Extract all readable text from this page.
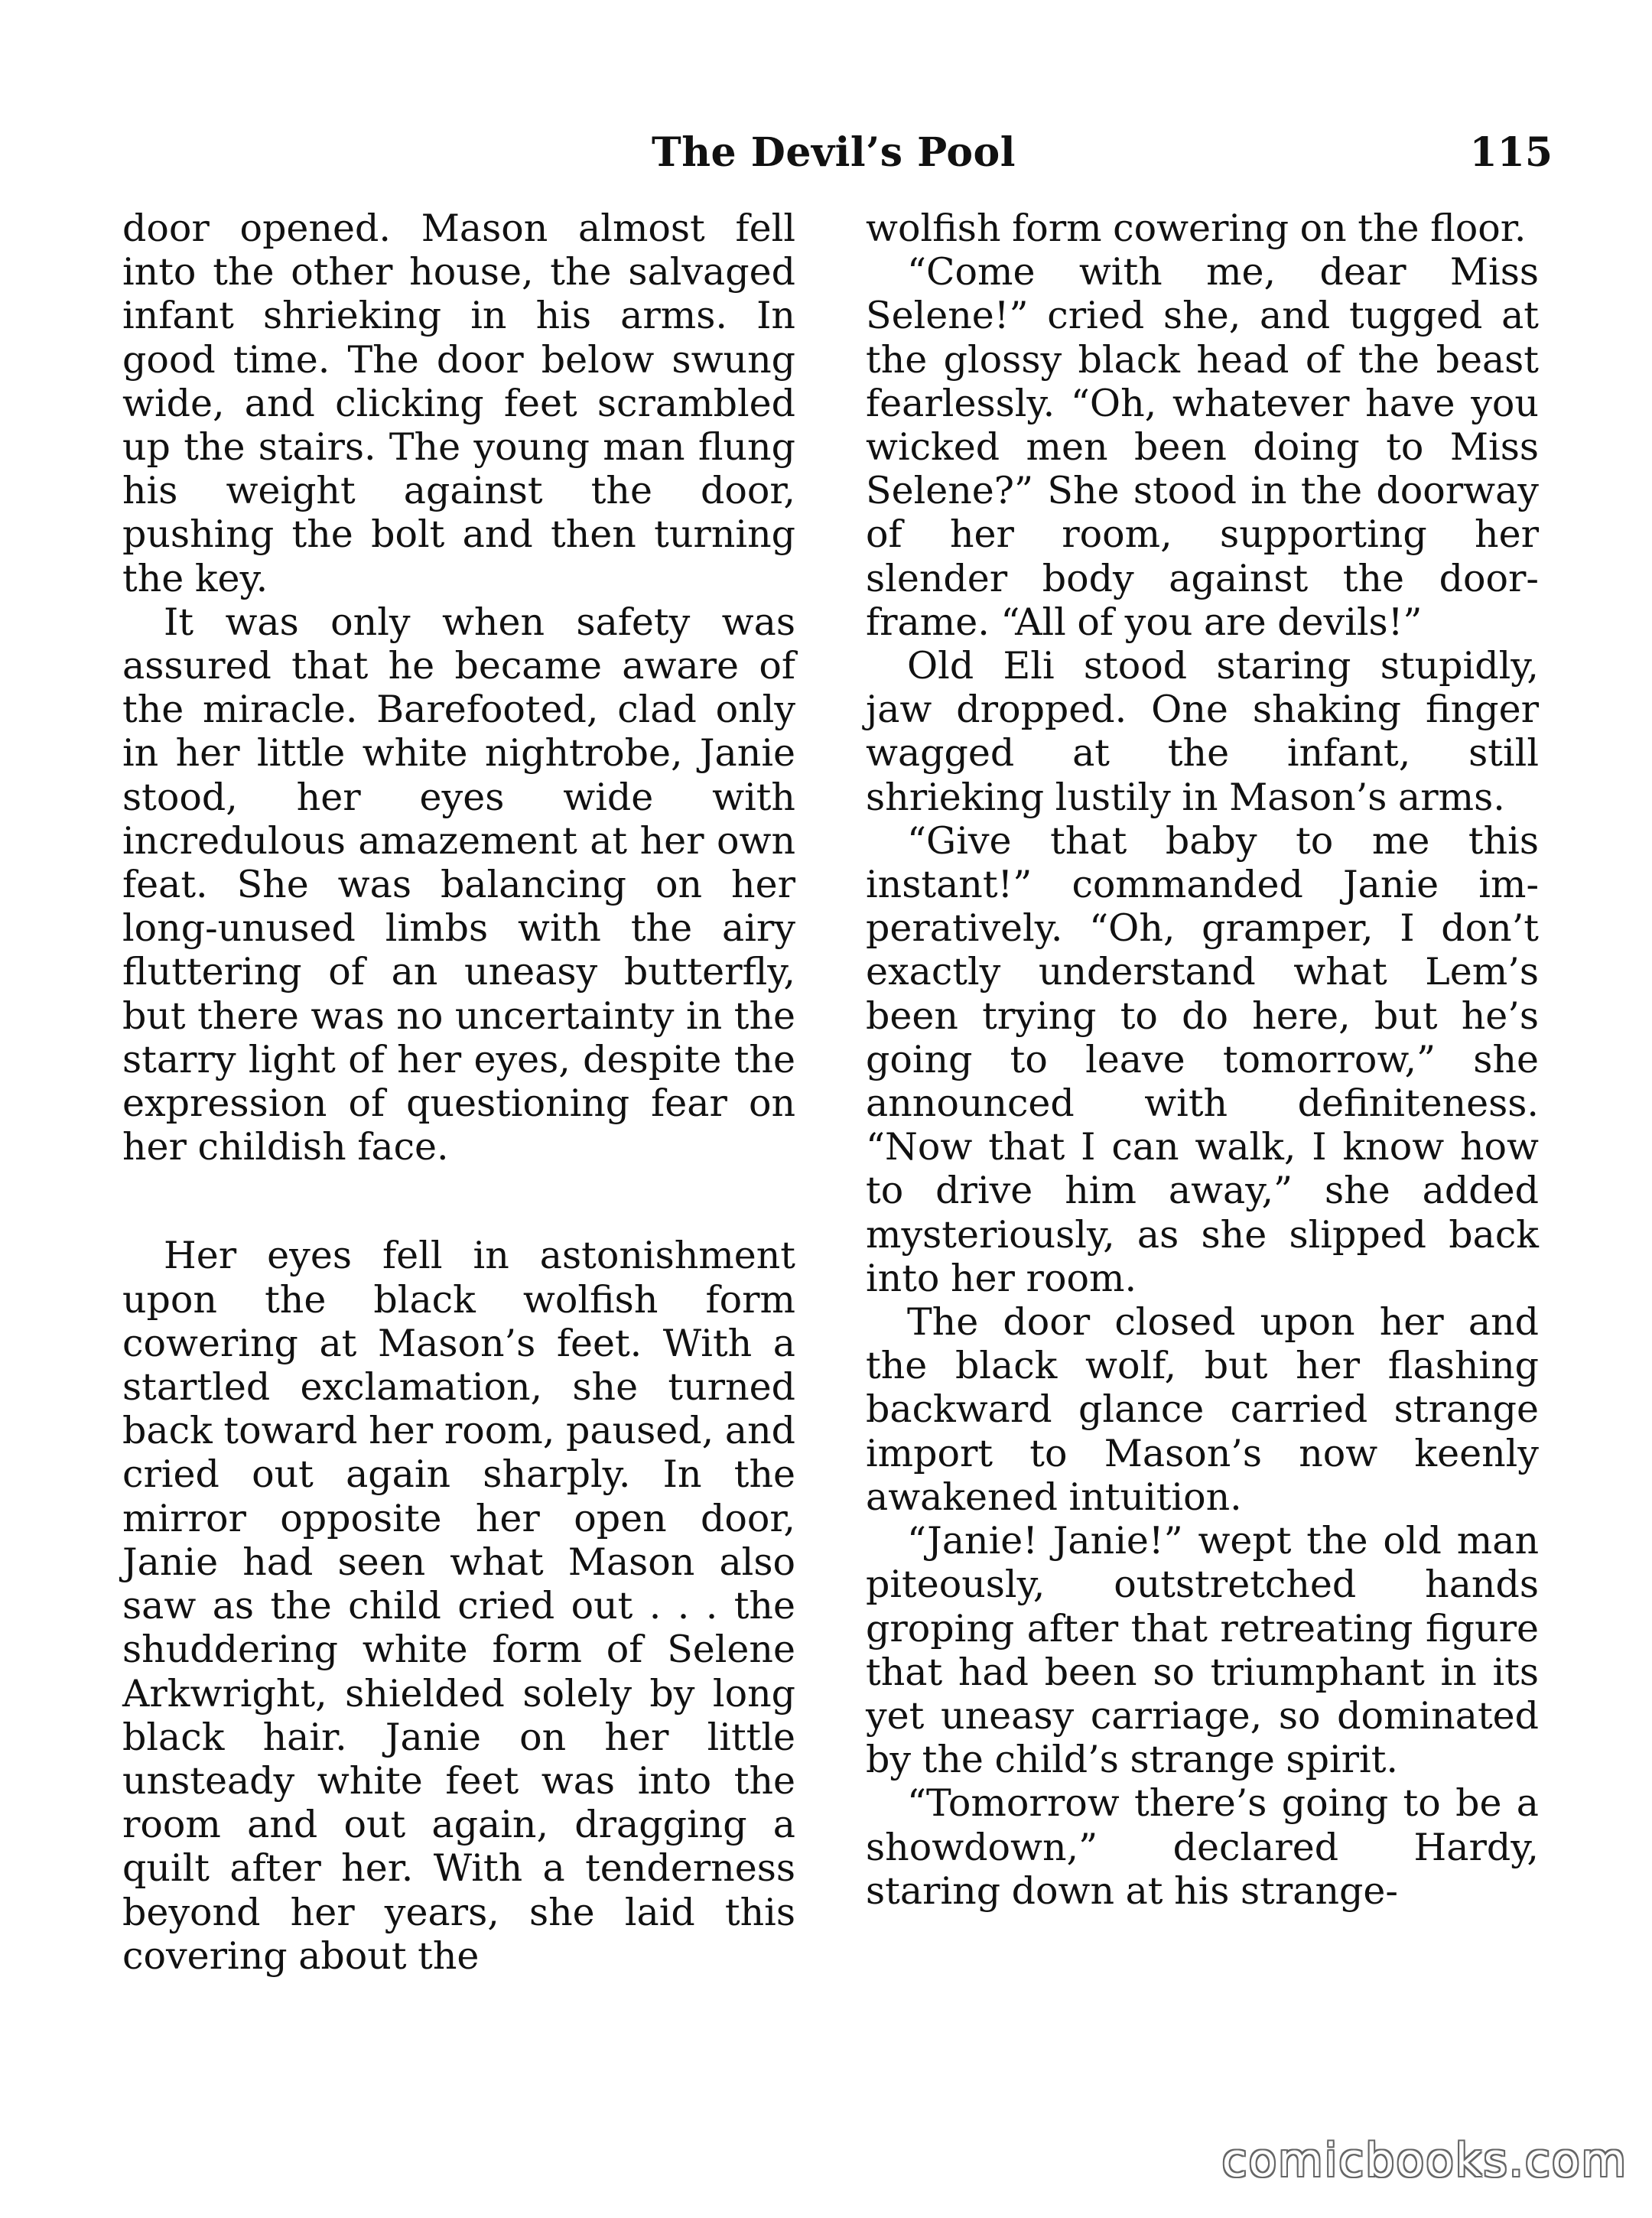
The Devil’s Pool	115

door opened. Mason almost fell into the other house, the salvaged infant shrieking in his arms. In good time. The door below swung wide, and clicking feet scrambled up the stairs. The young man flung his weight against the door, pushing the bolt and then turning the key.

It was only when safety was assured that he became aware of the miracle. Barefooted, clad only in her little white nightrobe, Janie stood, her eyes wide with incredulous amazement at her own feat. She was balancing on her long-unused limbs with the airy fluttering of an uneasy butterfly, but there was no uncertainty in the starry light of her eyes, despite the expression of questioning fear on her childish face.

Her eyes fell in astonishment upon the black wolfish form cowering at Mason’s feet. With a startled exclamation, she turned back toward her room, paused, and cried out again sharply. In the mirror opposite her open door, Janie had seen what Mason also saw as the child cried out . . . the shuddering white form of Selene Arkwright, shielded solely by long black hair. Janie on her little unsteady white feet was into the room and out again, dragging a quilt after her. With a tenderness beyond her years, she laid this covering about the

wolfish form cowering on the floor.

“Come with me, dear Miss Selene!” cried she, and tugged at the glossy black head of the beast fearlessly. “Oh, whatever have you wicked men been doing to Miss Selene?” She stood in the doorway of her room, supporting her slender body against the door-frame. “All of you are devils!”

Old Eli stood staring stupidly, jaw dropped. One shaking finger wagged at the infant, still shrieking lustily in Mason’s arms.

“Give that baby to me this instant!” commanded Janie imperatively. “Oh, gramper, I don’t exactly understand what Lem’s been trying to do here, but he’s going to leave tomorrow,” she announced with definiteness. “Now that I can walk, I know how to drive him away,” she added mysteriously, as she slipped back into her room.

The door closed upon her and the black wolf, but her flashing backward glance carried strange import to Mason’s now keenly awakened intuition.

“Janie! Janie!” wept the old man piteously, outstretched hands groping after that retreating figure that had been so triumphant in its yet uneasy carriage, so dominated by the child’s strange spirit.

“Tomorrow there’s going to be a showdown,” declared Hardy, staring down at his strange-

comicbooks.com
